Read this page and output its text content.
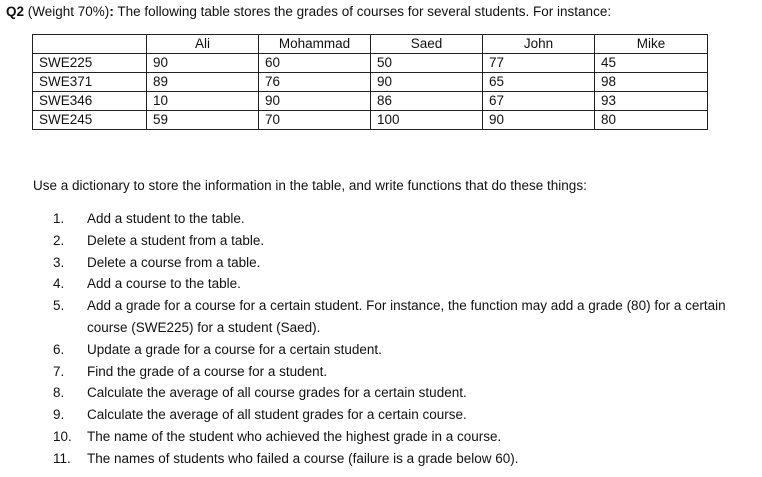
Q2 (Weight 70%): The following table stores the grades of courses for several students. For instance:
	Ali	Mohammad	Saed	John	Mike
SWE225	90	60	50	77	45
SWE371	89	76	90	65	98
SWE346	10	90	86	67	93
SWE245	59	70	100	90	80
Use a dictionary to store the information in the table, and write functions that do these things:
1.	Add a student to the table.
2.	Delete a student from a table.
3.	Delete a course from a table.
4.	Add a course to the table.
5.	Add a grade for a course for a certain student. For instance, the function may add a grade (80) for a certain course (SWE225) for a student (Saed).
6.	Update a grade for a course for a certain student.
7.	Find the grade of a course for a student.
8.	Calculate the average of all course grades for a certain student.
9.	Calculate the average of all student grades for a certain course.
10.	The name of the student who achieved the highest grade in a course.
11.	The names of students who failed a course (failure is a grade below 60).
